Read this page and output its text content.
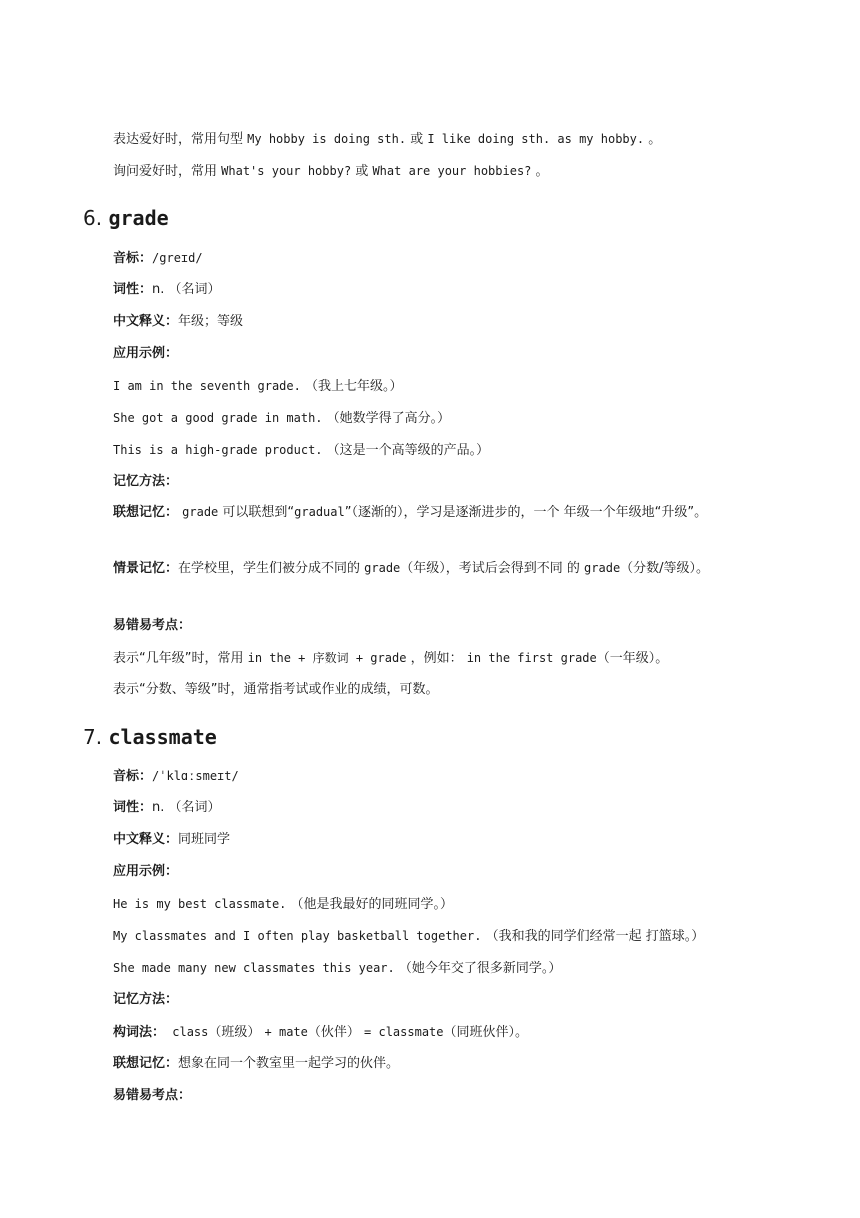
表达爱好时，常用句型 My hobby is doing sth. 或 I like doing sth. as my hobby. 。
询问爱好时，常用 What's your hobby? 或 What are your hobbies? 。
6. grade
音标：/greɪd/
词性：n. （名词）
中文释义：年级；等级
应用示例：
I am in the seventh grade. （我上七年级。）
She got a good grade in math. （她数学得了高分。）
This is a high-grade product. （这是一个高等级的产品。）
记忆方法：
联想记忆： grade 可以联想到“gradual”（逐渐的），学习是逐渐进步的，一个 年级一个年级地“升级”。
情景记忆：在学校里，学生们被分成不同的 grade（年级），考试后会得到不同 的 grade（分数/等级）。
易错易考点：
表示“几年级”时，常用 in the + 序数词 + grade ，例如： in the first grade（一年级）。
表示“分数、等级”时，通常指考试或作业的成绩，可数。
7. classmate
音标：/ˈklɑːsmeɪt/
词性：n. （名词）
中文释义：同班同学
应用示例：
He is my best classmate. （他是我最好的同班同学。）
My classmates and I often play basketball together. （我和我的同学们经常一起 打篮球。）
She made many new classmates this year. （她今年交了很多新同学。）
记忆方法：
构词法： class（班级） + mate（伙伴） = classmate（同班伙伴）。
联想记忆：想象在同一个教室里一起学习的伙伴。
易错易考点：
